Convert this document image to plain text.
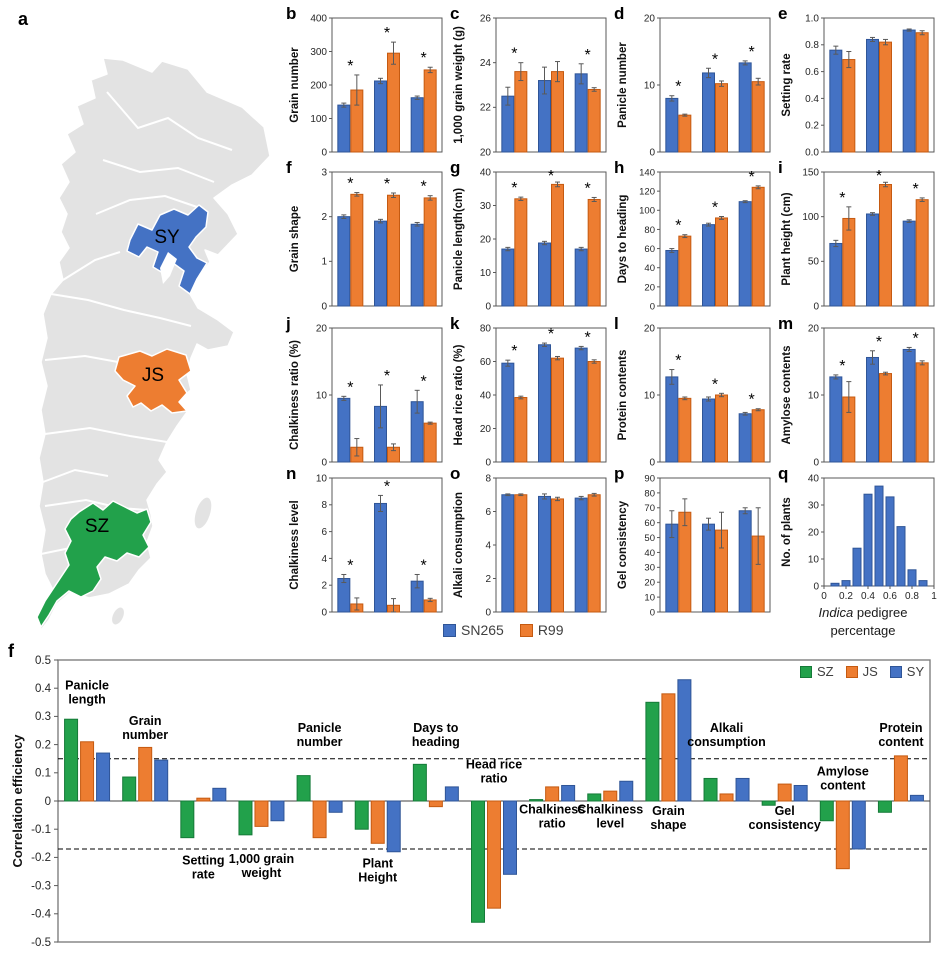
a
SY
JS
SZ
b
0
100
200
300
400
Grain number	*
*
*
c
20
22
24
26
1,000 grain weight (g)	*	*
d
0
10
20
Panicle number	*
* *
e
0.0
0.2
0.4
0.6
0.8
1.0
Setting rate
f
0
1
2
3
Grain shape
* * *
g
0
10
20
30
40
Panicle length(cm)	*
*
*
h
0
20
40
60
80
100
120
140
Days to heading	*
*
*
i
0
50
100
150
Plant height (cm)	*
*
*
j
0
10
20
Chalkiness ratio (%)	*
* *
k
0
20
40
60
80
Head rice ratio (%)	*
* *
l
0
10
20
Protein contents	*
*
*
m
0
10
20
Amylose contents	*
* *
n
0
2
4
6
8
10
Chalkiness level	*
*
*
o
0
2
4
6
8
Alkali consumption
p
0
10
20
30
40
50
60
70
80
90
Gel consistency
q
0
10
20
30
40
No. of plants
0 0.2 0.4 0.6 0.8 1
Indica pedigree
percentage
SN265 R99
f 0.5
0.4
0.3
0.2
0.1
0
-0.1
-0.2
-0.3
-0.4
-0.5
Correlation efficiency
Panicle length
Grain number
Setting rate
1,000 grain weight
Panicle number
Plant Height
Days to heading
Head rice ratio
Chalkiness ratio
Chalkiness level
Grain shape
Alkali consumption
Gel consistency
Amylose content
Protein content
SZ JS SY
